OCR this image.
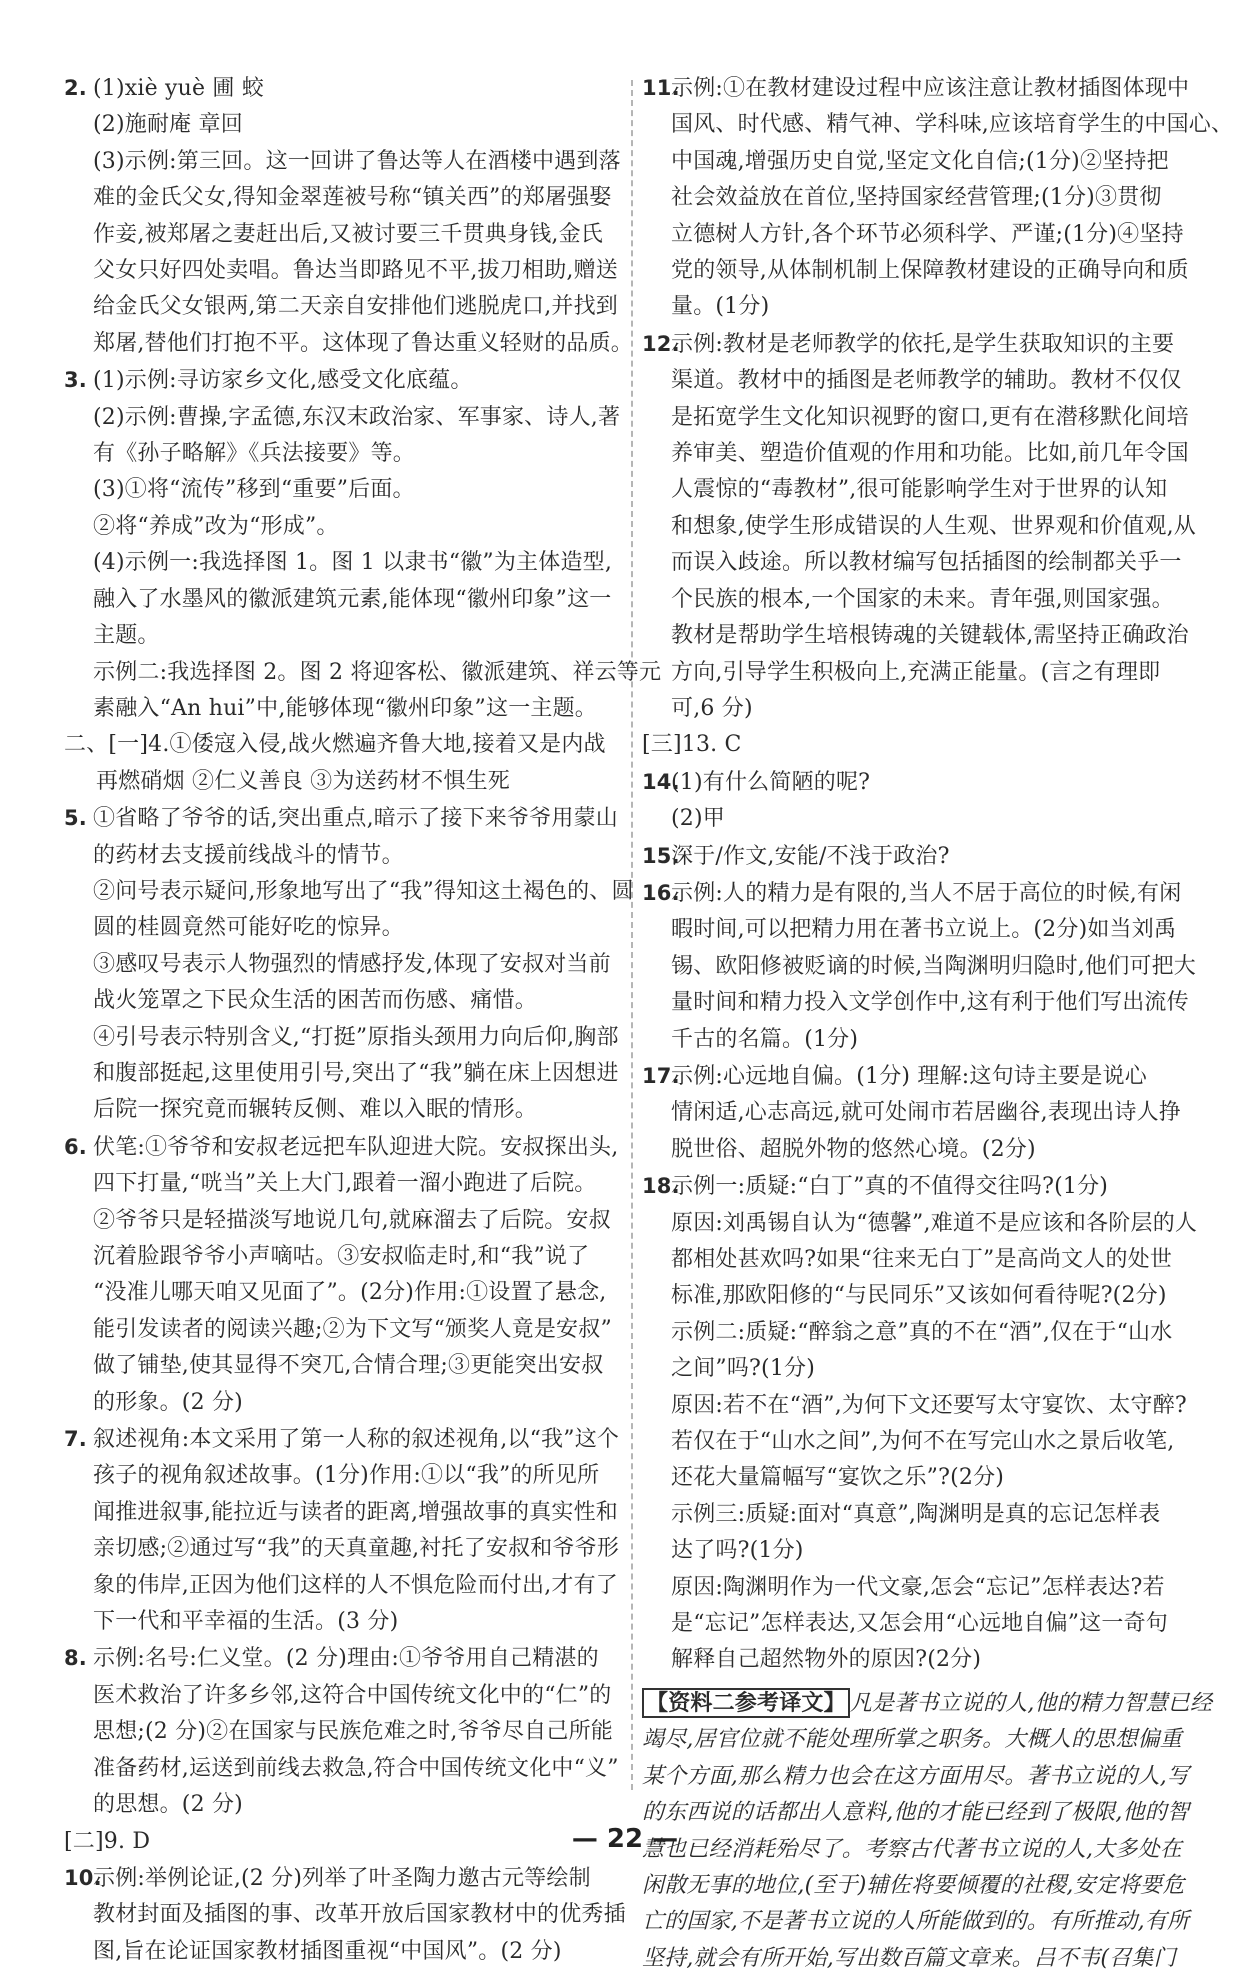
2. (1)xiè yuè 圃 蛟
(2)施耐庵 章回
(3)示例:第三回。这一回讲了鲁达等人在酒楼中遇到落
难的金氏父女,得知金翠莲被号称“镇关西”的郑屠强娶
作妾,被郑屠之妻赶出后,又被讨要三千贯典身钱,金氏
父女只好四处卖唱。鲁达当即路见不平,拔刀相助,赠送
给金氏父女银两,第二天亲自安排他们逃脱虎口,并找到
郑屠,替他们打抱不平。这体现了鲁达重义轻财的品质。
3. (1)示例:寻访家乡文化,感受文化底蕴。
(2)示例:曹操,字孟德,东汉末政治家、军事家、诗人,著
有《孙子略解》《兵法接要》等。
(3)①将“流传”移到“重要”后面。
②将“养成”改为“形成”。
(4)示例一:我选择图 1。图 1 以隶书“徽”为主体造型,
融入了水墨风的徽派建筑元素,能体现“徽州印象”这一
主题。
示例二:我选择图 2。图 2 将迎客松、徽派建筑、祥云等元
素融入“An hui”中,能够体现“徽州印象”这一主题。
二、[一]4.①倭寇入侵,战火燃遍齐鲁大地,接着又是内战
再燃硝烟 ②仁义善良 ③为送药材不惧生死
5. ①省略了爷爷的话,突出重点,暗示了接下来爷爷用蒙山
的药材去支援前线战斗的情节。
②问号表示疑问,形象地写出了“我”得知这土褐色的、圆
圆的桂圆竟然可能好吃的惊异。
③感叹号表示人物强烈的情感抒发,体现了安叔对当前
战火笼罩之下民众生活的困苦而伤感、痛惜。
④引号表示特别含义,“打挺”原指头颈用力向后仰,胸部
和腹部挺起,这里使用引号,突出了“我”躺在床上因想进
后院一探究竟而辗转反侧、难以入眠的情形。
6. 伏笔:①爷爷和安叔老远把车队迎进大院。安叔探出头,
四下打量,“咣当”关上大门,跟着一溜小跑进了后院。
②爷爷只是轻描淡写地说几句,就麻溜去了后院。安叔
沉着脸跟爷爷小声嘀咕。③安叔临走时,和“我”说了
“没准儿哪天咱又见面了”。(2分)作用:①设置了悬念,
能引发读者的阅读兴趣;②为下文写“颁奖人竟是安叔”
做了铺垫,使其显得不突兀,合情合理;③更能突出安叔
的形象。(2 分)
7. 叙述视角:本文采用了第一人称的叙述视角,以“我”这个
孩子的视角叙述故事。(1分)作用:①以“我”的所见所
闻推进叙事,能拉近与读者的距离,增强故事的真实性和
亲切感;②通过写“我”的天真童趣,衬托了安叔和爷爷形
象的伟岸,正因为他们这样的人不惧危险而付出,才有了
下一代和平幸福的生活。(3 分)
8. 示例:名号:仁义堂。(2 分)理由:①爷爷用自己精湛的
医术救治了许多乡邻,这符合中国传统文化中的“仁”的
思想;(2 分)②在国家与民族危难之时,爷爷尽自己所能
准备药材,运送到前线去救急,符合中国传统文化中“义”
的思想。(2 分)
[二]9. D
10.示例:举例论证,(2 分)列举了叶圣陶力邀古元等绘制
教材封面及插图的事、改革开放后国家教材中的优秀插
图,旨在论证国家教材插图重视“中国风”。(2 分)
11.示例:①在教材建设过程中应该注意让教材插图体现中
国风、时代感、精气神、学科味,应该培育学生的中国心、
中国魂,增强历史自觉,坚定文化自信;(1分)②坚持把
社会效益放在首位,坚持国家经营管理;(1分)③贯彻
立德树人方针,各个环节必须科学、严谨;(1分)④坚持
党的领导,从体制机制上保障教材建设的正确导向和质
量。(1分)
12.示例:教材是老师教学的依托,是学生获取知识的主要
渠道。教材中的插图是老师教学的辅助。教材不仅仅
是拓宽学生文化知识视野的窗口,更有在潜移默化间培
养审美、塑造价值观的作用和功能。比如,前几年令国
人震惊的“毒教材”,很可能影响学生对于世界的认知
和想象,使学生形成错误的人生观、世界观和价值观,从
而误入歧途。所以教材编写包括插图的绘制都关乎一
个民族的根本,一个国家的未来。青年强,则国家强。
教材是帮助学生培根铸魂的关键载体,需坚持正确政治
方向,引导学生积极向上,充满正能量。(言之有理即
可,6 分)
[三]13. C
14.(1)有什么简陋的呢?
(2)甲
15.深于/作文,安能/不浅于政治?
16.示例:人的精力是有限的,当人不居于高位的时候,有闲
暇时间,可以把精力用在著书立说上。(2分)如当刘禹
锡、欧阳修被贬谪的时候,当陶渊明归隐时,他们可把大
量时间和精力投入文学创作中,这有利于他们写出流传
千古的名篇。(1分)
17.示例:心远地自偏。(1分) 理解:这句诗主要是说心
情闲适,心志高远,就可处闹市若居幽谷,表现出诗人挣
脱世俗、超脱外物的悠然心境。(2分)
18.示例一:质疑:“白丁”真的不值得交往吗?(1分)
原因:刘禹锡自认为“德馨”,难道不是应该和各阶层的人
都相处甚欢吗?如果“往来无白丁”是高尚文人的处世
标准,那欧阳修的“与民同乐”又该如何看待呢?(2分)
示例二:质疑:“醉翁之意”真的不在“酒”,仅在于“山水
之间”吗?(1分)
原因:若不在“酒”,为何下文还要写太守宴饮、太守醉?
若仅在于“山水之间”,为何不在写完山水之景后收笔,
还花大量篇幅写“宴饮之乐”?(2分)
示例三:质疑:面对“真意”,陶渊明是真的忘记怎样表
达了吗?(1分)
原因:陶渊明作为一代文豪,怎会“忘记”怎样表达?若
是“忘记”怎样表达,又怎会用“心远地自偏”这一奇句
解释自己超然物外的原因?(2分)
【资料二参考译文】 凡是著书立说的人,他的精力智慧已经
竭尽,居官位就不能处理所掌之职务。大概人的思想偏重
某个方面,那么精力也会在这方面用尽。著书立说的人,写
的东西说的话都出人意料,他的才能已经到了极限,他的智
慧也已经消耗殆尽了。考察古代著书立说的人,大多处在
闲散无事的地位,(至于)辅佐将要倾覆的社稷,安定将要危
亡的国家,不是著书立说的人所能做到的。有所推动,有所
坚持,就会有所开始,写出数百篇文章来。吕不韦(召集门
— 22 —
